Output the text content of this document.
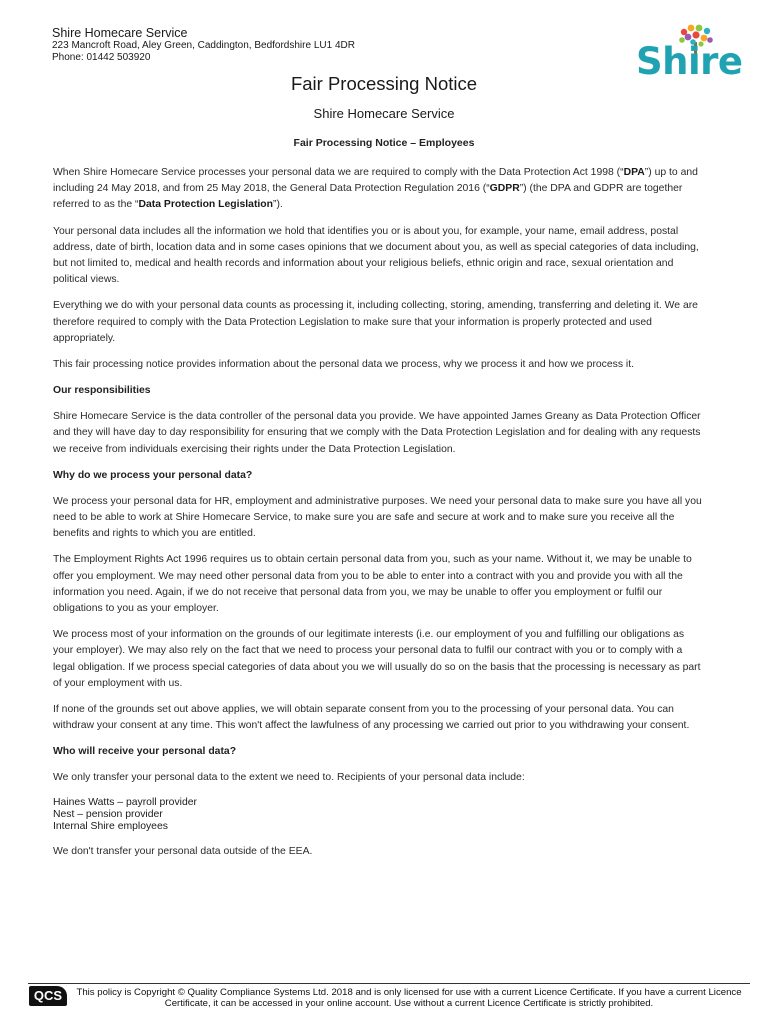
Shire Homecare Service
223 Mancroft Road, Aley Green, Caddington, Bedfordshire LU1 4DR
Phone: 01442 503920	Shire
Fair Processing Notice
Shire Homecare Service
Fair Processing Notice – Employees

When Shire Homecare Service processes your personal data we are required to comply with the Data Protection Act 1998 (“DPA”) up to and including 24 May 2018, and from 25 May 2018, the General Data Protection Regulation 2016 (“GDPR”) (the DPA and GDPR are together referred to as the “Data Protection Legislation”).

Your personal data includes all the information we hold that identifies you or is about you, for example, your name, email address, postal address, date of birth, location data and in some cases opinions that we document about you, as well as special categories of data including, but not limited to, medical and health records and information about your religious beliefs, ethnic origin and race, sexual orientation and political views.

Everything we do with your personal data counts as processing it, including collecting, storing, amending, transferring and deleting it. We are therefore required to comply with the Data Protection Legislation to make sure that your information is properly protected and used appropriately.

This fair processing notice provides information about the personal data we process, why we process it and how we process it.

Our responsibilities

Shire Homecare Service is the data controller of the personal data you provide. We have appointed James Greany as Data Protection Officer and they will have day to day responsibility for ensuring that we comply with the Data Protection Legislation and for dealing with any requests we receive from individuals exercising their rights under the Data Protection Legislation.

Why do we process your personal data?

We process your personal data for HR, employment and administrative purposes. We need your personal data to make sure you have all you need to be able to work at Shire Homecare Service, to make sure you are safe and secure at work and to make sure you receive all the benefits and rights to which you are entitled.

The Employment Rights Act 1996 requires us to obtain certain personal data from you, such as your name. Without it, we may be unable to offer you employment. We may need other personal data from you to be able to enter into a contract with you and provide you with all the information you need. Again, if we do not receive that personal data from you, we may be unable to offer you employment or fulfil our obligations to you as your employer.

We process most of your information on the grounds of our legitimate interests (i.e. our employment of you and fulfilling our obligations as your employer). We may also rely on the fact that we need to process your personal data to fulfil our contract with you or to comply with a legal obligation. If we process special categories of data about you we will usually do so on the basis that the processing is necessary as part of your employment with us.

If none of the grounds set out above applies, we will obtain separate consent from you to the processing of your personal data. You can withdraw your consent at any time. This won't affect the lawfulness of any processing we carried out prior to you withdrawing your consent.

Who will receive your personal data?

We only transfer your personal data to the extent we need to. Recipients of your personal data include:

Haines Watts – payroll provider
Nest – pension provider
Internal Shire employees
We don't transfer your personal data outside of the EEA.
QCS	This policy is Copyright © Quality Compliance Systems Ltd. 2018 and is only licensed for use with a current Licence Certificate. If you have a current Licence Certificate, it can be accessed in your online account. Use without a current Licence Certificate is strictly prohibited.
